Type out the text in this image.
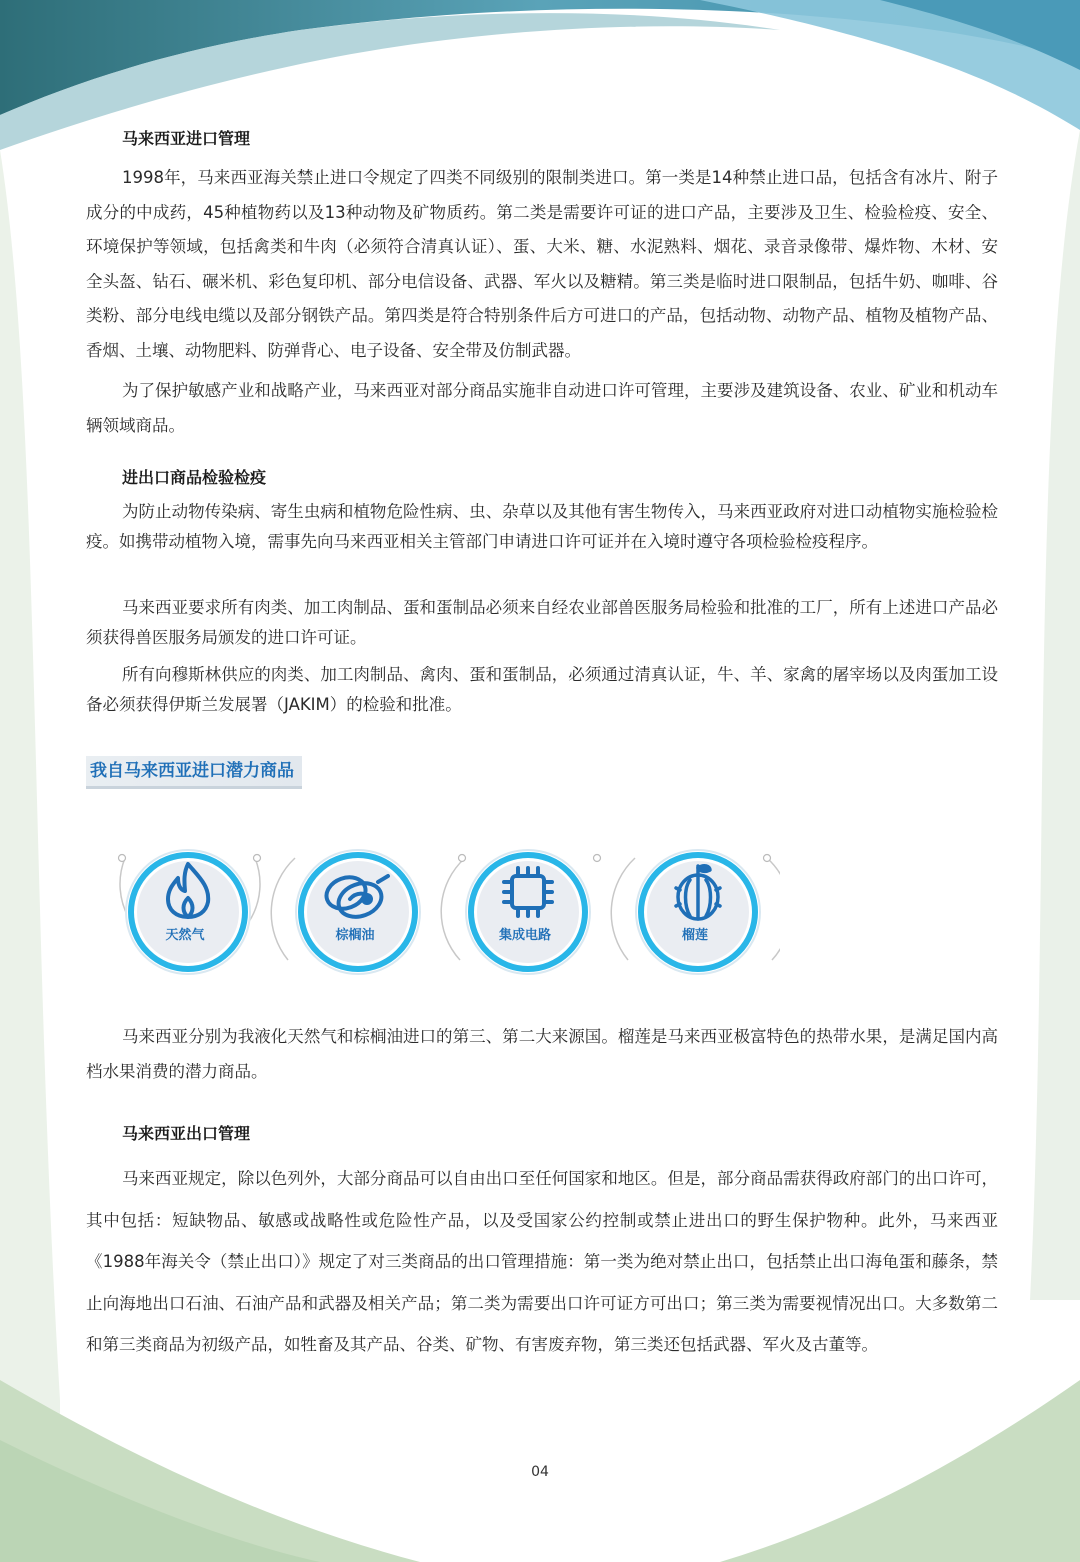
马来西亚进口管理

1998年，马来西亚海关禁止进口令规定了四类不同级别的限制类进口。第一类是14种禁止进口品，包括含有冰片、附子成分的中成药，45种植物药以及13种动物及矿物质药。第二类是需要许可证的进口产品，主要涉及卫生、检验检疫、安全、环境保护等领域，包括禽类和牛肉（必须符合清真认证）、蛋、大米、糖、水泥熟料、烟花、录音录像带、爆炸物、木材、安全头盔、钻石、碾米机、彩色复印机、部分电信设备、武器、军火以及糖精。第三类是临时进口限制品，包括牛奶、咖啡、谷类粉、部分电线电缆以及部分钢铁产品。第四类是符合特别条件后方可进口的产品，包括动物、动物产品、植物及植物产品、香烟、土壤、动物肥料、防弹背心、电子设备、安全带及仿制武器。

为了保护敏感产业和战略产业，马来西亚对部分商品实施非自动进口许可管理，主要涉及建筑设备、农业、矿业和机动车辆领域商品。

进出口商品检验检疫

为防止动物传染病、寄生虫病和植物危险性病、虫、杂草以及其他有害生物传入，马来西亚政府对进口动植物实施检验检疫。如携带动植物入境，需事先向马来西亚相关主管部门申请进口许可证并在入境时遵守各项检验检疫程序。

马来西亚要求所有肉类、加工肉制品、蛋和蛋制品必须来自经农业部兽医服务局检验和批准的工厂，所有上述进口产品必须获得兽医服务局颁发的进口许可证。

所有向穆斯林供应的肉类、加工肉制品、禽肉、蛋和蛋制品，必须通过清真认证，牛、羊、家禽的屠宰场以及肉蛋加工设备必须获得伊斯兰发展署（JAKIM）的检验和批准。

马来西亚分别为我液化天然气和棕榈油进口的第三、第二大来源国。榴莲是马来西亚极富特色的热带水果，是满足国内高档水果消费的潜力商品。

马来西亚出口管理

马来西亚规定，除以色列外，大部分商品可以自由出口至任何国家和地区。但是，部分商品需获得政府部门的出口许可，其中包括：短缺物品、敏感或战略性或危险性产品，以及受国家公约控制或禁止进出口的野生保护物种。此外，马来西亚《1988年海关令（禁止出口）》规定了对三类商品的出口管理措施：第一类为绝对禁止出口，包括禁止出口海龟蛋和藤条，禁止向海地出口石油、石油产品和武器及相关产品；第二类为需要出口许可证方可出口；第三类为需要视情况出口。大多数第二和第三类商品为初级产品，如牲畜及其产品、谷类、矿物、有害废弃物，第三类还包括武器、军火及古董等。

我自马来西亚进口潜力商品
天然气	棕榈油	集成电路	榴莲
04
